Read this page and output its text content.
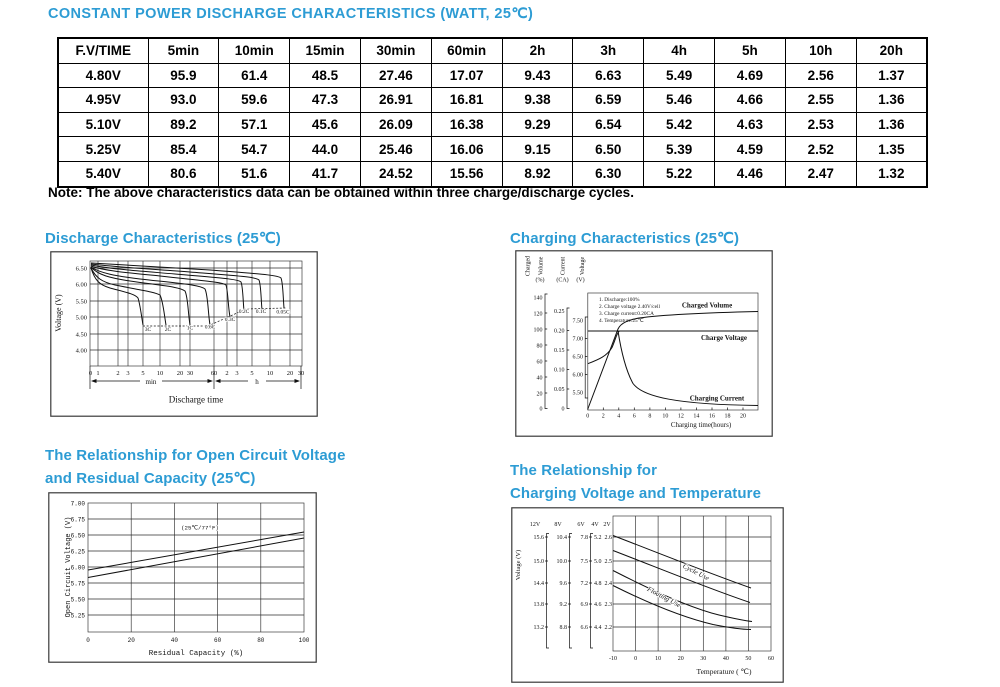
CONSTANT POWER DISCHARGE CHARACTERISTICS (WATT, 25℃)
F.V/TIME	5min	10min	15min	30min	60min	2h	3h	4h	5h	10h	20h
4.80V	95.9	61.4	48.5	27.46	17.07	9.43	6.63	5.49	4.69	2.56	1.37
4.95V	93.0	59.6	47.3	26.91	16.81	9.38	6.59	5.46	4.66	2.55	1.36
5.10V	89.2	57.1	45.6	26.09	16.38	9.29	6.54	5.42	4.63	2.53	1.36
5.25V	85.4	54.7	44.0	25.46	16.06	9.15	6.50	5.39	4.59	2.52	1.35
5.40V	80.6	51.6	41.7	24.52	15.56	8.92	6.30	5.22	4.46	2.47	1.32
Note: The above characteristics data can be obtained within three charge/discharge cycles.
Discharge Characteristics (25℃)
3C 2C	1C 0.6C
0.3C
0.2C 0.1C 0.05C
6.50
6.00
5.50
5.00
4.50
4.00
0 1	2 3 5 10 20 30	60 2 3 5 10 20 30
min	h
Discharge time
Voltage (V)
Charging Characteristics (25℃)
Charged Volume	Current Voltage
(%) (CA) (V)
140
120
100
80
60
40
20
0
0.25
0.20
0.15
0.10
0.05
0
7.50
7.00
6.50
6.00
5.50
0 2 4 6 8 10 12 14 16 18 20
1. Discharge:100%
2. Charge voltage 2.40V/cell
3. Charge current:0.20CA
4. Temperature:25℃
Charged Volume
Charge Voltage
Charging Current
Charging time(hours)
The Relationship for Open Circuit Voltage
and Residual Capacity (25℃)
7.00
6.75
6.50
6.25
6.00
5.75
5.50
5.25
0	20	40	60	80	100
(25℃/77°F)
Residual Capacity (%)
Open Circuit Voltage (V)
The Relationship for
Charging Voltage and Temperature
12V 8V	6V 4V 2V
15.6
15.0
14.4
13.8
13.2
10.4
10.0
9.6
9.2
8.8
7.8
7.5
7.2
6.9
6.6
5.2
5.0
4.8
4.6
4.4
2.6
2.5
2.4
2.3
2.2
Cycle Use
Floating Use
-10	0	10	20	30	40	50	60
Temperature ( ℃)
Voltage (V)
